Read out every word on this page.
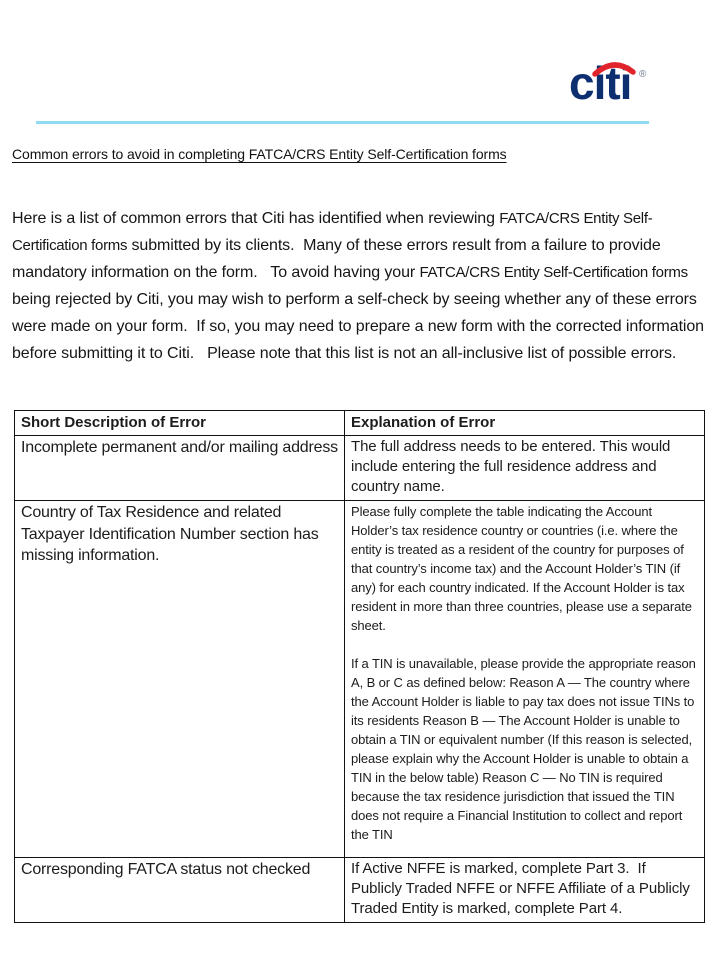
citi ®
Common errors to avoid in completing FATCA/CRS Entity Self-Certification forms

Here is a list of common errors that Citi has identified when reviewing FATCA/CRS Entity Self-Certification forms submitted by its clients.  Many of these errors result from a failure to provide mandatory information on the form.   To avoid having your FATCA/CRS Entity Self-Certification forms being rejected by Citi, you may wish to perform a self-check by seeing whether any of these errors were made on your form.  If so, you may need to prepare a new form with the corrected information before submitting it to Citi.   Please note that this list is not an all-inclusive list of possible errors.

Short Description of Error	Explanation of Error
Incomplete permanent and/or mailing address	The full address needs to be entered. This would include entering the full residence address and country name.
Country of Tax Residence and related Taxpayer Identification Number section has missing information.	Please fully complete the table indicating the Account Holder’s tax residence country or countries (i.e. where the entity is treated as a resident of the country for purposes of that country’s income tax) and the Account Holder’s TIN (if any) for each country indicated. If the Account Holder is tax resident in more than three countries, please use a separate sheet.
If a TIN is unavailable, please provide the appropriate reason A, B or C as defined below: Reason A — The country where the Account Holder is liable to pay tax does not issue TINs to its residents Reason B — The Account Holder is unable to obtain a TIN or equivalent number (If this reason is selected, please explain why the Account Holder is unable to obtain a TIN in the below table) Reason C — No TIN is required because the tax residence jurisdiction that issued the TIN does not require a Financial Institution to collect and report the TIN

Corresponding FATCA status not checked	If Active NFFE is marked, complete Part 3.  If Publicly Traded NFFE or NFFE Affiliate of a Publicly Traded Entity is marked, complete Part 4.
